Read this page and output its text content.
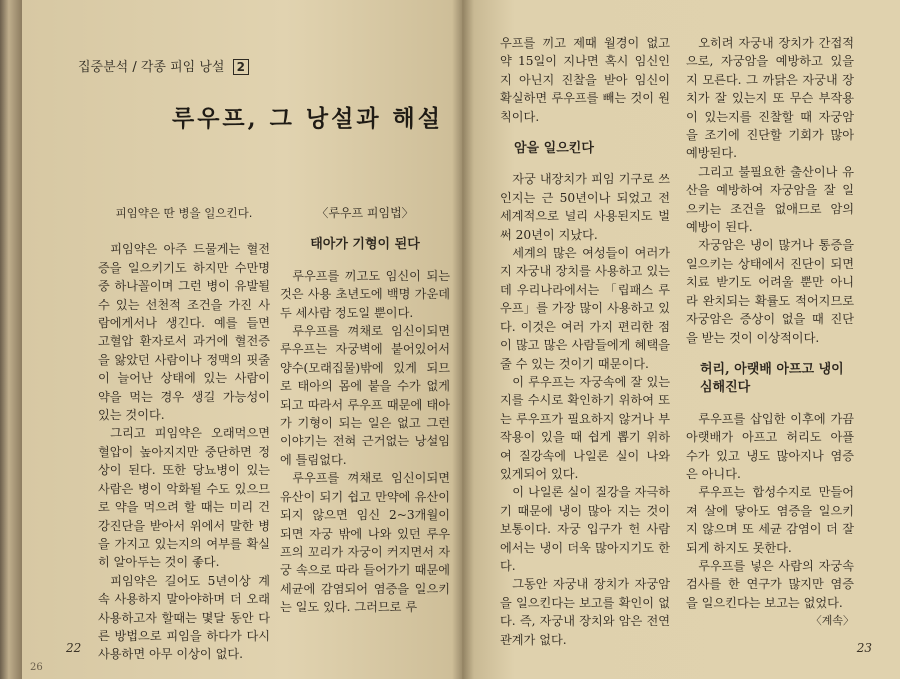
집중분석 / 각종 피임 낭설 2
루우프, 그 낭설과 해설
피임약은 딴 병을 일으킨다.

피임약은 아주 드물게는 혈전증을 일으키기도 하지만 수만명중 하나꼴이며 그런 병이 유발될 수 있는 선천적 조건을 가진 사람에게서나 생긴다. 예를 들면 고혈압 환자로서 과거에 혈전증을 앓았던 사람이나 정맥의 핏줄이 늘어난 상태에 있는 사람이 약을 먹는 경우 생길 가능성이 있는 것이다.

그리고 피임약은 오래먹으면 혈압이 높아지지만 중단하면 정상이 된다. 또한 당뇨병이 있는 사람은 병이 악화될 수도 있으므로 약을 먹으려 할 때는 미리 건강진단을 받아서 위에서 말한 병을 가지고 있는지의 여부를 확실히 알아두는 것이 좋다.

피임약은 길어도 5년이상 계속 사용하지 말아야하며 더 오래 사용하고자 할때는 몇달 동안 다른 방법으로 피임을 하다가 다시 사용하면 아무 이상이 없다.

〈루우프 피임법〉
태아가 기형이 된다

루우프를 끼고도 임신이 되는 것은 사용 초년도에 백명 가운데 두 세사람 정도일 뿐이다.

루우프를 껴채로 임신이되면 루우프는 자궁벽에 붙어있어서 양수(모래집물)밖에 있게 되므로 태아의 몸에 붙을 수가 없게 되고 따라서 루우프 때문에 태아가 기형이 되는 일은 없고 그런 이야기는 전혀 근거없는 낭설임에 틀림없다.

루우프를 껴채로 임신이되면 유산이 되기 쉽고 만약에 유산이 되지 않으면 임신 2~3개월이 되면 자궁 밖에 나와 있던 루우프의 꼬리가 자궁이 커지면서 자궁 속으로 따라 들어가기 때문에 세균에 감염되어 염증을 일으키는 일도 있다. 그러므로 루

22
26

우프를 끼고 제때 월경이 없고 약 15일이 지나면 혹시 임신인지 아닌지 진찰을 받아 임신이 확실하면 루우프를 빼는 것이 원칙이다.

암을 일으킨다

자궁 내장치가 피임 기구로 쓰인지는 근 50년이나 되었고 전세계적으로 널리 사용된지도 벌써 20년이 지났다.

세계의 많은 여성들이 여러가지 자궁내 장치를 사용하고 있는데 우리나라에서는 「립패스 루우프」를 가장 많이 사용하고 있다. 이것은 여러 가지 편리한 점이 많고 많은 사람들에게 혜택을 줄 수 있는 것이기 때문이다.

이 루우프는 자궁속에 잘 있는지를 수시로 확인하기 위하여 또는 루우프가 필요하지 않거나 부작용이 있을 때 쉽게 뽑기 위하여 질강속에 나일론 실이 나와 있게되어 있다.

이 나일론 실이 질강을 자극하기 때문에 냉이 많아 지는 것이 보통이다. 자궁 입구가 헌 사람에서는 냉이 더욱 많아지기도 한다.

그동안 자궁내 장치가 자궁암을 일으킨다는 보고를 확인이 없다. 즉, 자궁내 장치와 암은 전연 관계가 없다.

오히려 자궁내 장치가 간접적으로, 자궁암을 예방하고 있을지 모른다. 그 까닭은 자궁내 장치가 잘 있는지 또 무슨 부작용이 있는지를 진찰할 때 자궁암을 조기에 진단할 기회가 많아 예방된다.

그리고 불필요한 출산이나 유산을 예방하여 자궁암을 잘 일으키는 조건을 없애므로 암의 예방이 된다.

자궁암은 냉이 많거나 통증을 일으키는 상태에서 진단이 되면 치료 받기도 어려울 뿐만 아니라 완치되는 확률도 적어지므로 자궁암은 증상이 없을 때 진단을 받는 것이 이상적이다.

허리, 아랫배 아프고 냉이 심해진다

루우프를 삽입한 이후에 가끔 아랫배가 아프고 허리도 아플 수가 있고 냉도 많아지나 염증은 아니다.

루우프는 합성수지로 만들어져 살에 닿아도 염증을 일으키지 않으며 또 세균 감염이 더 잘 되게 하지도 못한다.

루우프를 넣은 사람의 자궁속 검사를 한 연구가 많지만 염증을 일으킨다는 보고는 없었다.

〈계속〉
23
